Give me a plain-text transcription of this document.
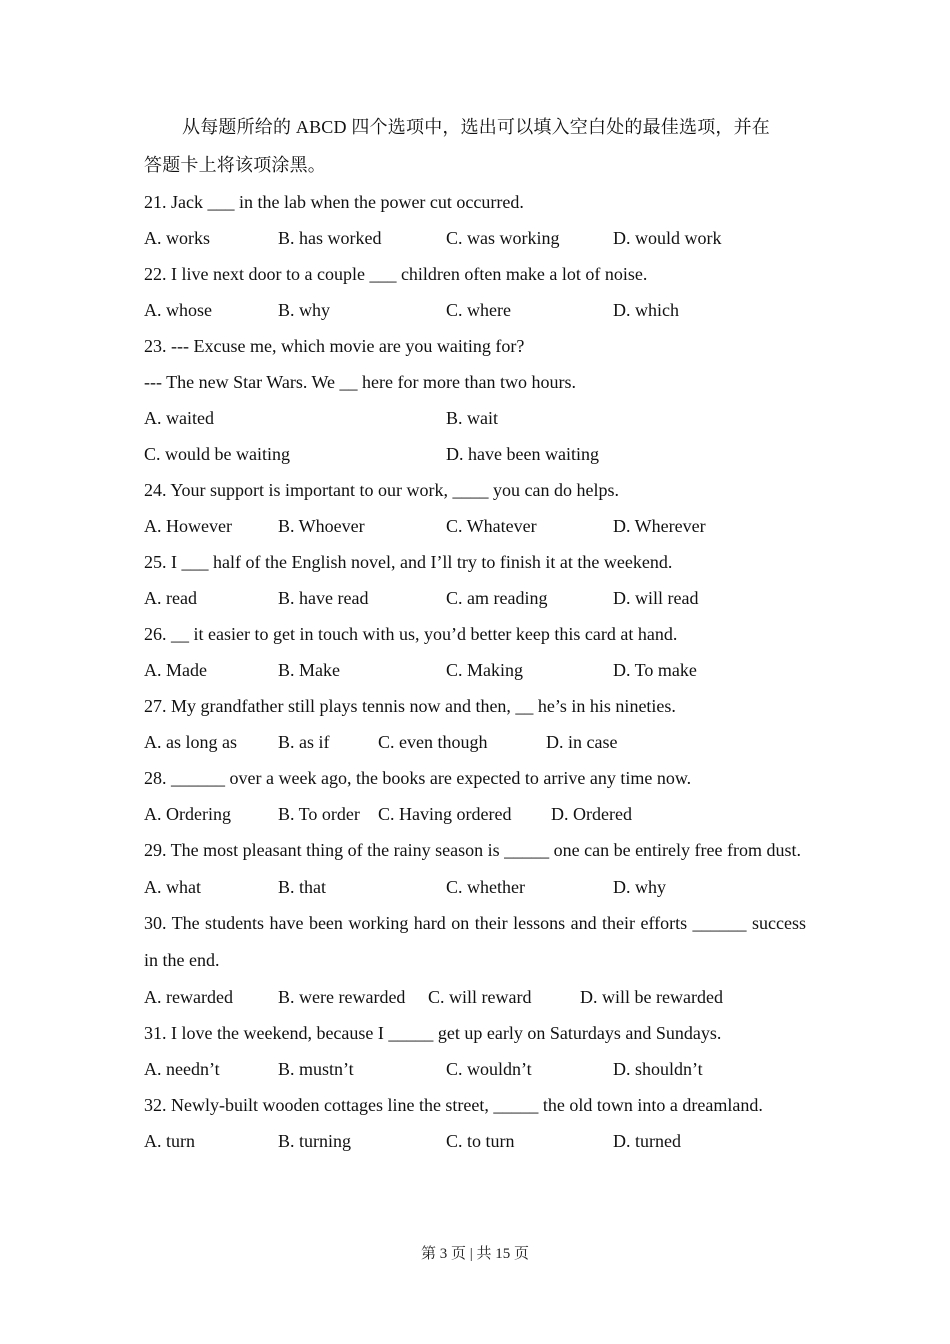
从每题所给的 ABCD 四个选项中，选出可以填入空白处的最佳选项，并在
答题卡上将该项涂黑。
21. Jack ___ in the lab when the power cut occurred.
A. works	B. has worked	C. was working	D. would work
22. I live next door to a couple ___ children often make a lot of noise.
A. whose	B. why	C. where	D. which
23. --- Excuse me, which movie are you waiting for?
--- The new Star Wars. We __ here for more than two hours.
A. waited	B. wait
C. would be waiting	D. have been waiting
24. Your support is important to our work, ____ you can do helps.
A. However	B. Whoever	C. Whatever	D. Wherever
25. I ___ half of the English novel, and I’ll try to finish it at the weekend.
A. read	B. have read	C. am reading	D. will read
26. __ it easier to get in touch with us, you’d better keep this card at hand.
A. Made	B. Make	C. Making	D. To make
27. My grandfather still plays tennis now and then, __ he’s in his nineties.
A. as long as B. as if	C. even though	D. in case
28. ______ over a week ago, the books are expected to arrive any time now.
A. Ordering	B. To order C. Having ordered D. Ordered
29. The most pleasant thing of the rainy season is _____ one can be entirely free from dust.
A. what	B. that	C. whether	D. why
30. The students have been working hard on their lessons and their efforts ______ success in the end.
A. rewarded	B. were rewarded C. will reward	D. will be rewarded
31. I love the weekend, because I _____ get up early on Saturdays and Sundays.
A. needn’t	B. mustn’t	C. wouldn’t	D. shouldn’t
32. Newly-built wooden cottages line the street, _____ the old town into a dreamland.
A. turn	B. turning	C. to turn	D. turned
第 3 页 | 共 15 页
